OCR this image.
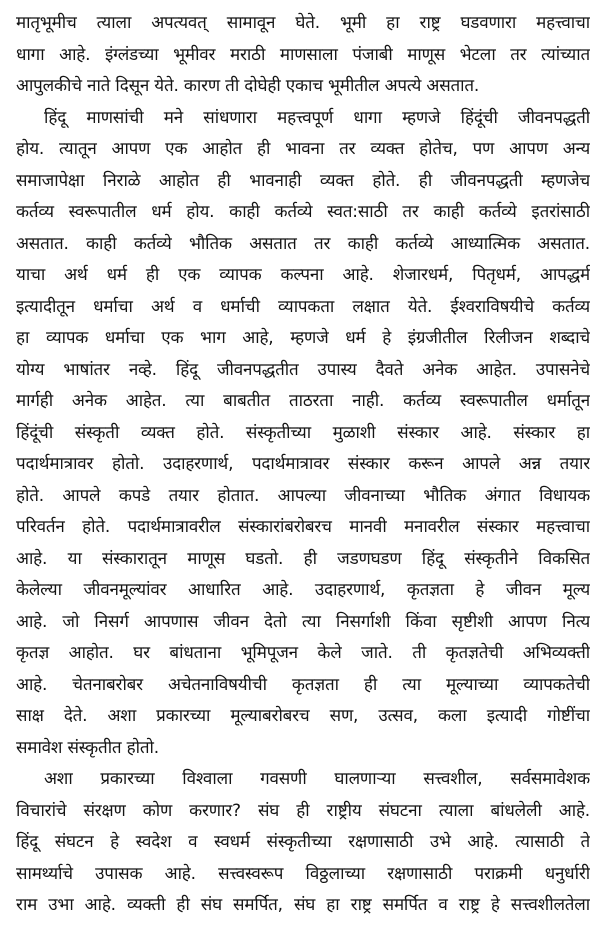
मातृभूमीच त्याला अपत्यवत् सामावून घेते. भूमी हा राष्ट्र घडवणारा महत्त्वाचा
धागा आहे. इंग्लंडच्या भूमीवर मराठी माणसाला पंजाबी माणूस भेटला तर त्यांच्यात
आपुलकीचे नाते दिसून येते. कारण ती दोघेही एकाच भूमीतील अपत्ये असतात.
हिंदू माणसांची मने सांधणारा महत्त्वपूर्ण धागा म्हणजे हिंदूंची जीवनपद्धती
होय. त्यातून आपण एक आहोत ही भावना तर व्यक्त होतेच, पण आपण अन्य
समाजापेक्षा निराळे आहोत ही भावनाही व्यक्त होते. ही जीवनपद्धती म्हणजेच
कर्तव्य स्वरूपातील धर्म होय. काही कर्तव्ये स्वत:साठी तर काही कर्तव्ये इतरांसाठी
असतात. काही कर्तव्ये भौतिक असतात तर काही कर्तव्ये आध्यात्मिक असतात.
याचा अर्थ धर्म ही एक व्यापक कल्पना आहे. शेजारधर्म, पितृधर्म, आपद्धर्म
इत्यादीतून धर्माचा अर्थ व धर्माची व्यापकता लक्षात येते. ईश्वराविषयीचे कर्तव्य
हा व्यापक धर्माचा एक भाग आहे, म्हणजे धर्म हे इंग्रजीतील रिलीजन शब्दाचे
योग्य भाषांतर नव्हे. हिंदू जीवनपद्धतीत उपास्य दैवते अनेक आहेत. उपासनेचे
मार्गही अनेक आहेत. त्या बाबतीत ताठरता नाही. कर्तव्य स्वरूपातील धर्मातून
हिंदूंची संस्कृती व्यक्त होते. संस्कृतीच्या मुळाशी संस्कार आहे. संस्कार हा
पदार्थमात्रावर होतो. उदाहरणार्थ, पदार्थमात्रावर संस्कार करून आपले अन्न तयार
होते. आपले कपडे तयार होतात. आपल्या जीवनाच्या भौतिक अंगात विधायक
परिवर्तन होते. पदार्थमात्रावरील संस्कारांबरोबरच मानवी मनावरील संस्कार महत्त्वाचा
आहे. या संस्कारातून माणूस घडतो. ही जडणघडण हिंदू संस्कृतीने विकसित
केलेल्या जीवनमूल्यांवर आधारित आहे. उदाहरणार्थ, कृतज्ञता हे जीवन मूल्य
आहे. जो निसर्ग आपणास जीवन देतो त्या निसर्गाशी किंवा सृष्टीशी आपण नित्य
कृतज्ञ आहोत. घर बांधताना भूमिपूजन केले जाते. ती कृतज्ञतेची अभिव्यक्ती
आहे. चेतनाबरोबर अचेतनाविषयीची कृतज्ञता ही त्या मूल्याच्या व्यापकतेची
साक्ष देते. अशा प्रकारच्या मूल्याबरोबरच सण, उत्सव, कला इत्यादी गोष्टींचा
समावेश संस्कृतीत होतो.
अशा प्रकारच्या विश्वाला गवसणी घालणाऱ्या सत्त्वशील, सर्वसमावेशक
विचारांचे संरक्षण कोण करणार? संघ ही राष्ट्रीय संघटना त्याला बांधलेली आहे.
हिंदू संघटन हे स्वदेश व स्वधर्म संस्कृतीच्या रक्षणासाठी उभे आहे. त्यासाठी ते
सामर्थ्याचे उपासक आहे. सत्त्वस्वरूप विठ्ठलाच्या रक्षणासाठी पराक्रमी धनुर्धारी
राम उभा आहे. व्यक्ती ही संघ समर्पित, संघ हा राष्ट्र समर्पित व राष्ट्र हे सत्त्वशीलतेला
